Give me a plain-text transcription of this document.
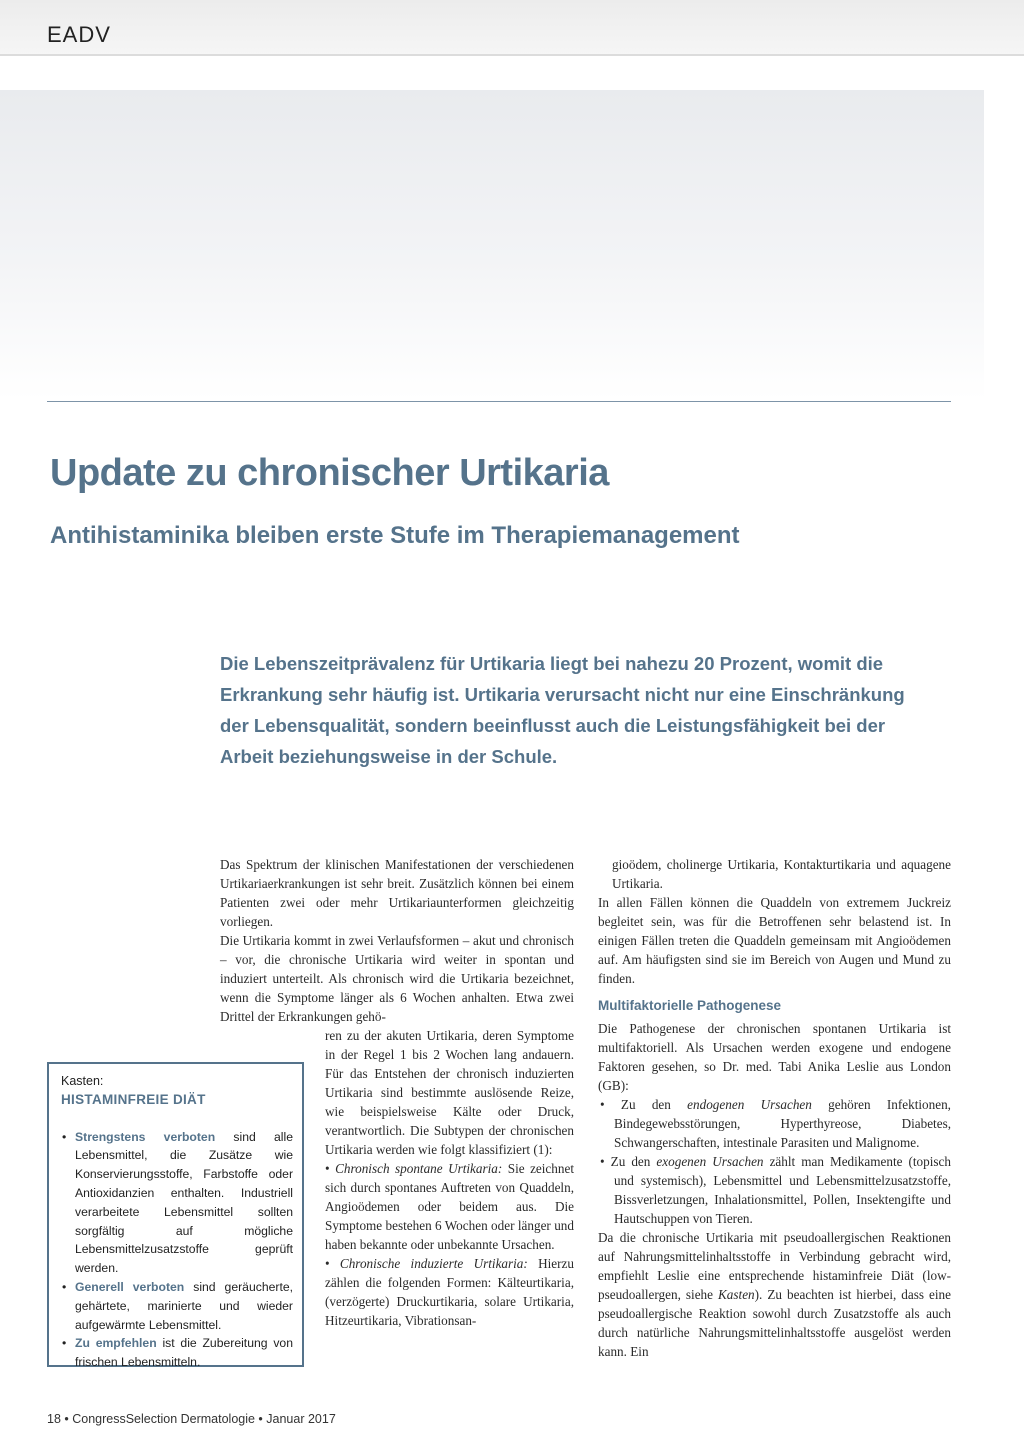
EADV
Update zu chronischer Urtikaria
Antihistaminika bleiben erste Stufe im Therapiemanagement

Die Lebenszeitprävalenz für Urtikaria liegt bei nahezu 20 Prozent, womit die Erkrankung sehr häufig ist. Urtikaria verursacht nicht nur eine Einschränkung der Lebensqualität, sondern beeinflusst auch die Leistungsfähigkeit bei der Arbeit beziehungsweise in der Schule.

Das Spektrum der klinischen Manifestationen der verschiedenen Urtikariaerkrankungen ist sehr breit. Zusätzlich können bei einem Patienten zwei oder mehr Urtikariaunterformen gleichzeitig vorliegen.

Die Urtikaria kommt in zwei Verlaufsformen – akut und chronisch – vor, die chronische Urtikaria wird weiter in spontan und induziert unterteilt. Als chronisch wird die Urtikaria bezeichnet, wenn die Symptome länger als 6 Wochen anhalten. Etwa zwei Drittel der Erkrankungen gehö-

ren zu der akuten Urtikaria, deren Symptome in der Regel 1 bis 2 Wochen lang andauern. Für das Entstehen der chronisch induzierten Urtikaria sind bestimmte auslösende Reize, wie beispielsweise Kälte oder Druck, verantwortlich. Die Subtypen der chronischen Urtikaria werden wie folgt klassifiziert (1):

• Chronisch spontane Urtikaria: Sie zeichnet sich durch spontanes Auftreten von Quaddeln, Angioödemen oder beidem aus. Die Symptome bestehen 6 Wochen oder länger und haben bekannte oder unbekannte Ursachen.

• Chronische induzierte Urtikaria: Hierzu zählen die folgenden Formen: Kälteurtikaria, (verzögerte) Druckurtikaria, solare Urtikaria, Hitzeurtikaria, Vibrationsan-

gioödem, cholinerge Urtikaria, Kontakturtikaria und aquagene Urtikaria.

In allen Fällen können die Quaddeln von extremem Juckreiz begleitet sein, was für die Betroffenen sehr belastend ist. In einigen Fällen treten die Quaddeln gemeinsam mit Angioödemen auf. Am häufigsten sind sie im Bereich von Augen und Mund zu finden.

Multifaktorielle Pathogenese

Die Pathogenese der chronischen spontanen Urtikaria ist multifaktoriell. Als Ursachen werden exogene und endogene Faktoren gesehen, so Dr. med. Tabi Anika Leslie aus London (GB):

• Zu den endogenen Ursachen gehören Infektionen, Bindegewebsstörungen, Hyperthyreose, Diabetes, Schwangerschaften, intestinale Parasiten und Malignome.

• Zu den exogenen Ursachen zählt man Medikamente (topisch und systemisch), Lebensmittel und Lebensmittelzusatzstoffe, Bissverletzungen, Inhalationsmittel, Pollen, Insektengifte und Hautschuppen von Tieren.

Da die chronische Urtikaria mit pseudoallergischen Reaktionen auf Nahrungsmittelinhaltsstoffe in Verbindung gebracht wird, empfiehlt Leslie eine entsprechende histaminfreie Diät (low-pseudoallergen, siehe Kasten). Zu beachten ist hierbei, dass eine pseudoallergische Reaktion sowohl durch Zusatzstoffe als auch durch natürliche Nahrungsmittelinhaltsstoffe ausgelöst werden kann. Ein

Kasten:

HISTAMINFREIE DIÄT

• Strengstens verboten sind alle Lebensmittel, die Zusätze wie Konservierungsstoffe, Farbstoffe oder Antioxidanzien enthalten. Industriell verarbeitete Lebensmittel sollten sorgfältig auf mögliche Lebensmittelzusatzstoffe geprüft werden.
• Generell verboten sind geräucherte, gehärtete, marinierte und wieder aufgewärmte Lebensmittel.
• Zu empfehlen ist die Zubereitung von frischen Lebensmitteln.
18 • CongressSelection Dermatologie • Januar 2017
